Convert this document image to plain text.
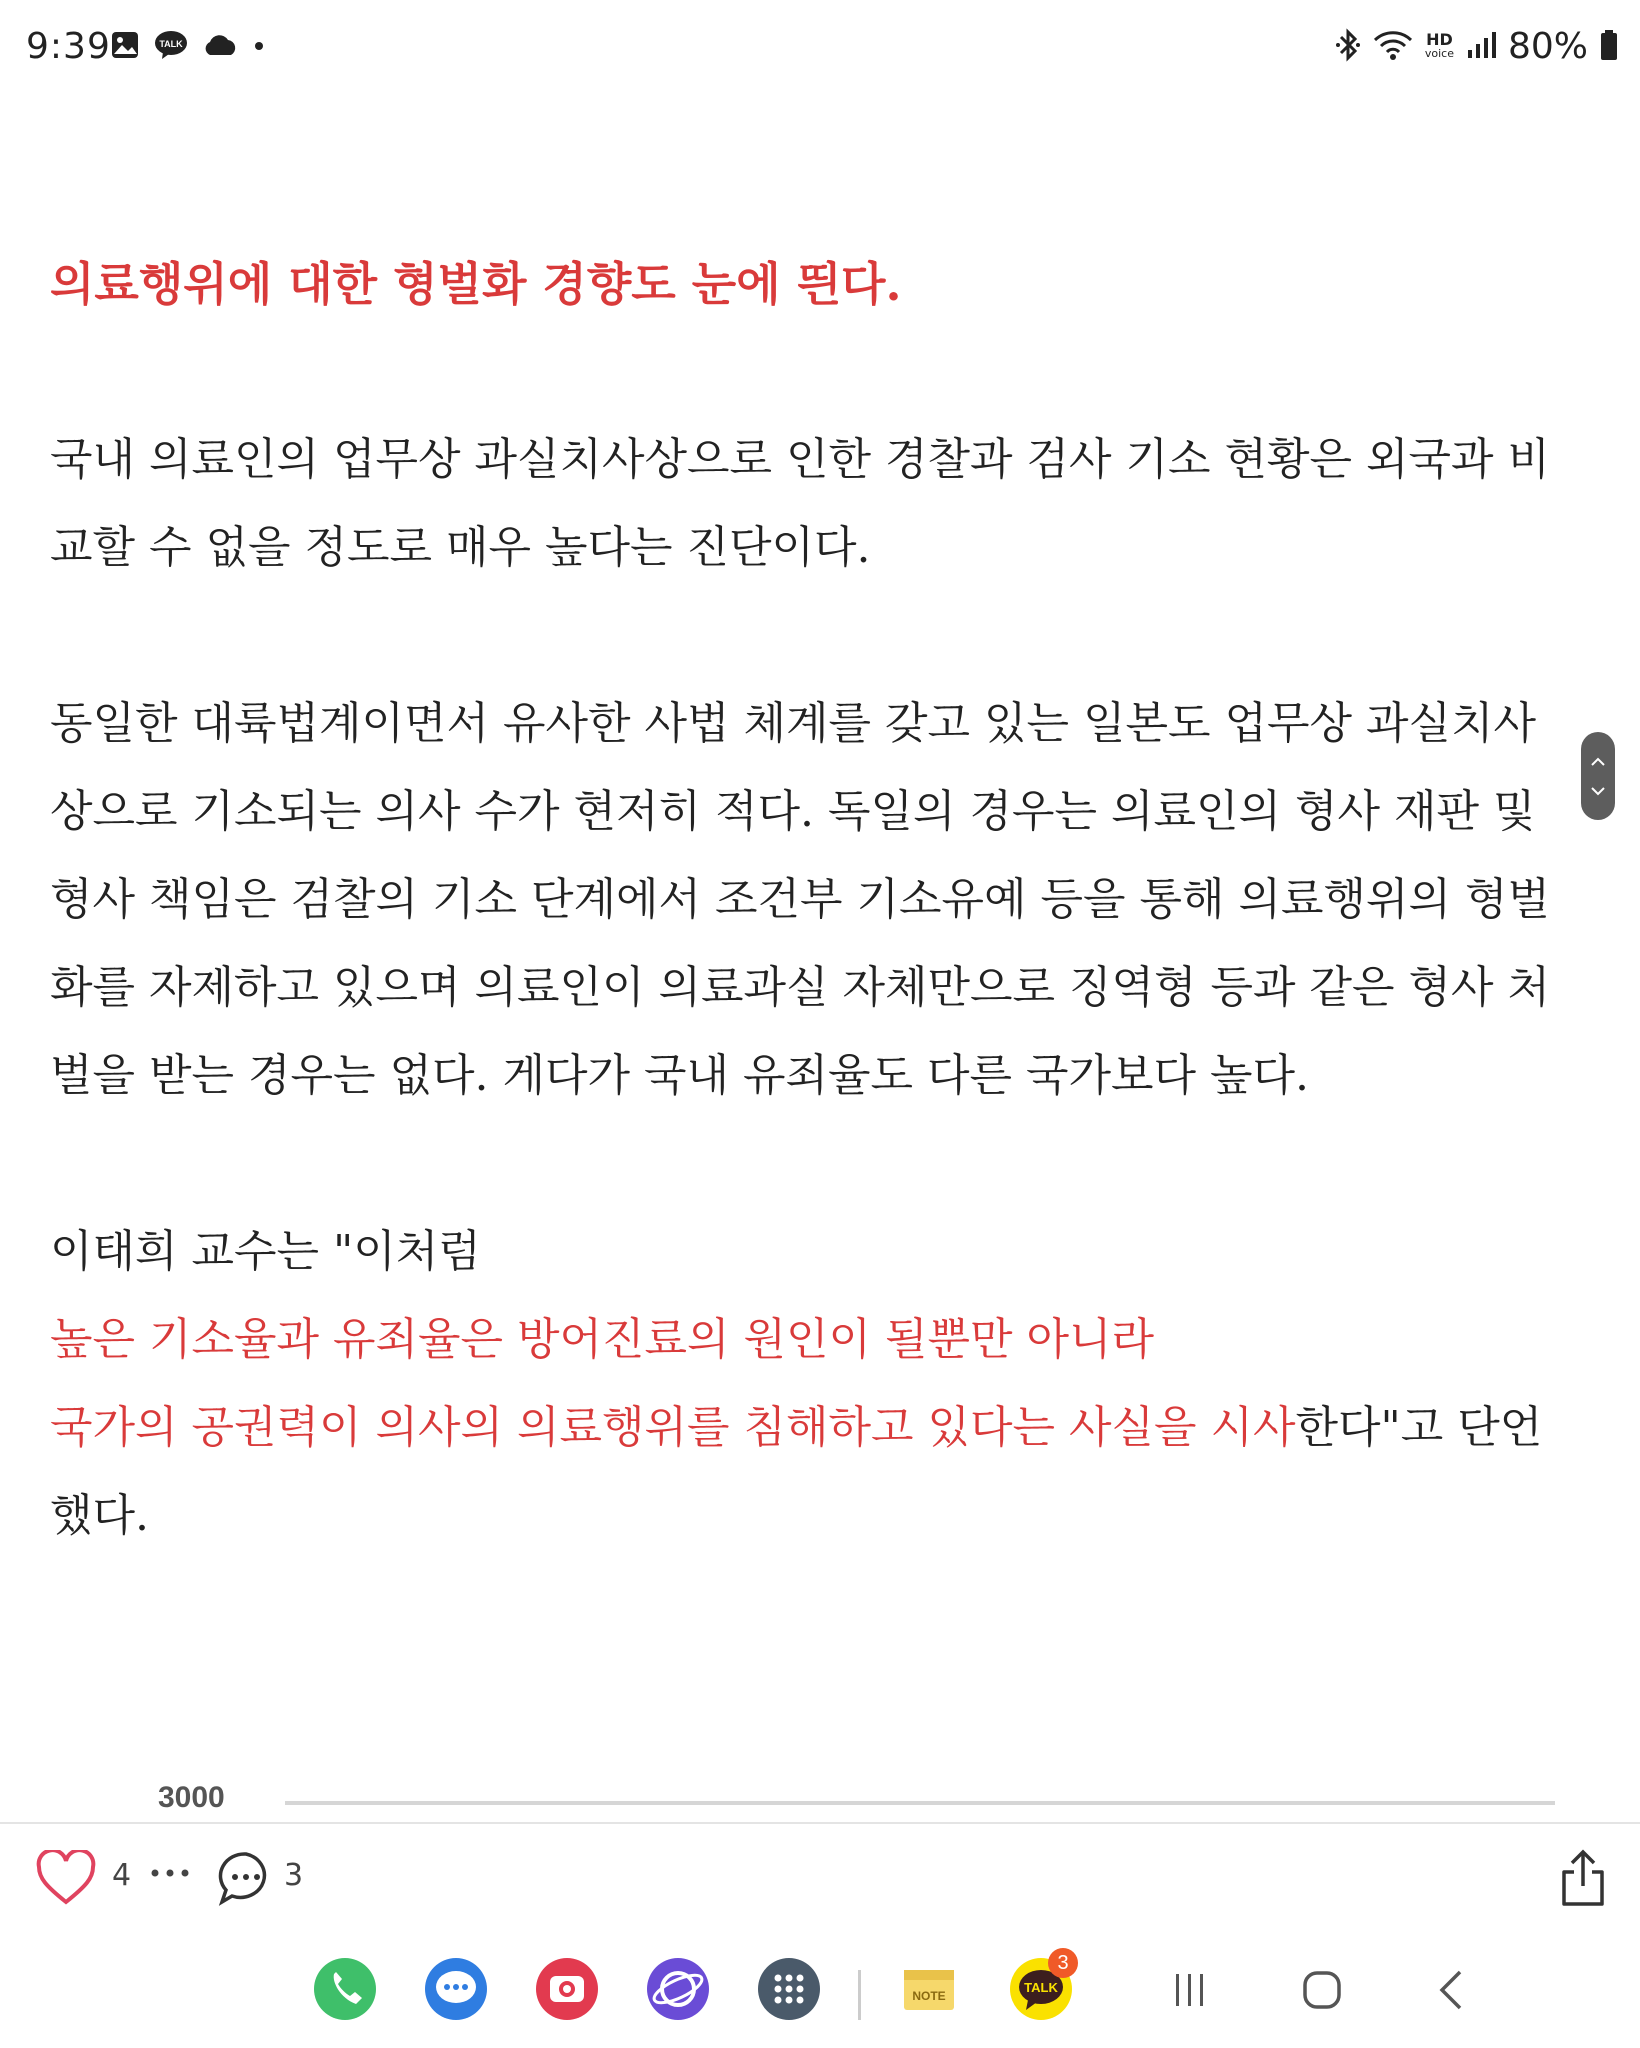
9:39	TALK	HD
voice 80%

의료행위에 대한 형벌화 경향도 눈에 띈다.

국내 의료인의 업무상 과실치사상으로 인한 경찰과 검사 기소 현황은 외국과 비
교할 수 없을 정도로 매우 높다는 진단이다.

동일한 대륙법계이면서 유사한 사법 체계를 갖고 있는 일본도 업무상 과실치사
상으로 기소되는 의사 수가 현저히 적다. 독일의 경우는 의료인의 형사 재판 및
형사 책임은 검찰의 기소 단계에서 조건부 기소유예 등을 통해 의료행위의 형벌
화를 자제하고 있으며 의료인이 의료과실 자체만으로 징역형 등과 같은 형사 처
벌을 받는 경우는 없다. 게다가 국내 유죄율도 다른 국가보다 높다.

이태희 교수는 "이처럼
높은 기소율과 유죄율은 방어진료의 원인이 될뿐만 아니라
국가의 공권력이 의사의 의료행위를 침해하고 있다는 사실을 시사한다"고 단언
했다.

3000
4	3
NOTE
TALK
3
